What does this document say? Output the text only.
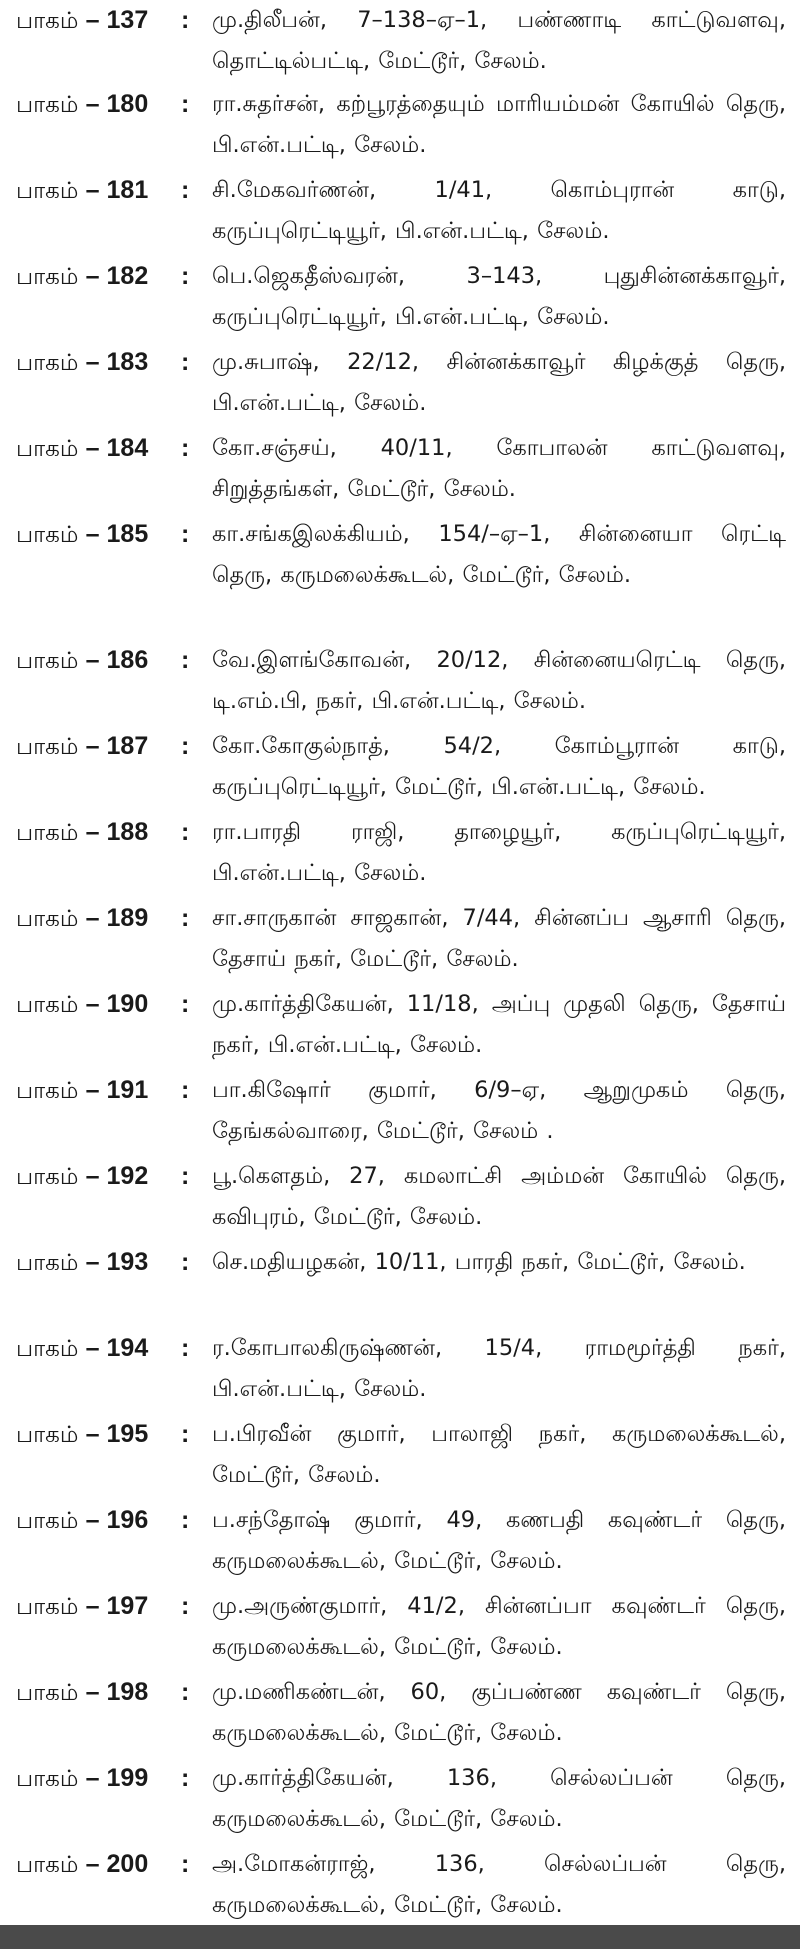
பாகம் – 137	: மு.திலீபன், 7–138–ஏ–1, பண்ணாடி காட்டுவளவு, தொட்டில்பட்டி, மேட்டூர், சேலம்.
பாகம் – 180	: ரா.சுதர்சன், கற்பூரத்தையும் மாரியம்மன் கோயில் தெரு, பி.என்.பட்டி, சேலம்.
பாகம் – 181	: சி.மேகவர்ணன், 1/41, கொம்புரான் காடு, கருப்புரெட்டியூர், பி.என்.பட்டி, சேலம்.
பாகம் – 182	: பெ.ஜெகதீஸ்வரன், 3–143, புதுசின்னக்காவூர், கருப்புரெட்டியூர், பி.என்.பட்டி, சேலம்.
பாகம் – 183	: மு.சுபாஷ், 22/12, சின்னக்காவூர் கிழக்குத் தெரு, பி.என்.பட்டி, சேலம்.
பாகம் – 184	: கோ.சஞ்சய், 40/11, கோபாலன் காட்டுவளவு, சிறுத்தங்கள், மேட்டூர், சேலம்.
பாகம் – 185	: கா.சங்கஇலக்கியம், 154/–ஏ–1, சின்னையா ரெட்டி தெரு, கருமலைக்கூடல், மேட்டூர், சேலம்.
பாகம் – 186	: வே.இளங்கோவன், 20/12, சின்னையரெட்டி தெரு, டி.எம்.பி, நகர், பி.என்.பட்டி, சேலம்.
பாகம் – 187	: கோ.கோகுல்நாத், 54/2, கோம்பூரான் காடு, கருப்புரெட்டியூர், மேட்டூர், பி.என்.பட்டி, சேலம்.
பாகம் – 188	: ரா.பாரதி ராஜி, தாழையூர், கருப்புரெட்டியூர், பி.என்.பட்டி, சேலம்.
பாகம் – 189	: சா.சாருகான் சாஜகான், 7/44, சின்னப்ப ஆசாரி தெரு, தேசாய் நகர், மேட்டூர், சேலம்.
பாகம் – 190	: மு.கார்த்திகேயன், 11/18, அப்பு முதலி தெரு, தேசாய் நகர், பி.என்.பட்டி, சேலம்.
பாகம் – 191	: பா.கிஷோர் குமார், 6/9–ஏ, ஆறுமுகம் தெரு, தேங்கல்வாரை, மேட்டூர், சேலம் .
பாகம் – 192	: பூ.கௌதம், 27, கமலாட்சி அம்மன் கோயில் தெரு, கவிபுரம், மேட்டூர், சேலம்.
பாகம் – 193	: செ.மதியழகன், 10/11, பாரதி நகர், மேட்டூர், சேலம்.
பாகம் – 194	: ர.கோபாலகிருஷ்ணன், 15/4, ராமமூர்த்தி நகர், பி.என்.பட்டி, சேலம்.
பாகம் – 195	: ப.பிரவீன் குமார், பாலாஜி நகர், கருமலைக்கூடல், மேட்டூர், சேலம்.
பாகம் – 196	: ப.சந்தோஷ் குமார், 49, கணபதி கவுண்டர் தெரு, கருமலைக்கூடல், மேட்டூர், சேலம்.
பாகம் – 197	: மு.அருண்குமார், 41/2, சின்னப்பா கவுண்டர் தெரு, கருமலைக்கூடல், மேட்டூர், சேலம்.
பாகம் – 198	: மு.மணிகண்டன், 60, குப்பண்ண கவுண்டர் தெரு, கருமலைக்கூடல், மேட்டூர், சேலம்.
பாகம் – 199	: மு.கார்த்திகேயன், 136, செல்லப்பன் தெரு, கருமலைக்கூடல், மேட்டூர், சேலம்.
பாகம் – 200	: அ.மோகன்ராஜ், 136, செல்லப்பன் தெரு, கருமலைக்கூடல், மேட்டூர், சேலம்.
